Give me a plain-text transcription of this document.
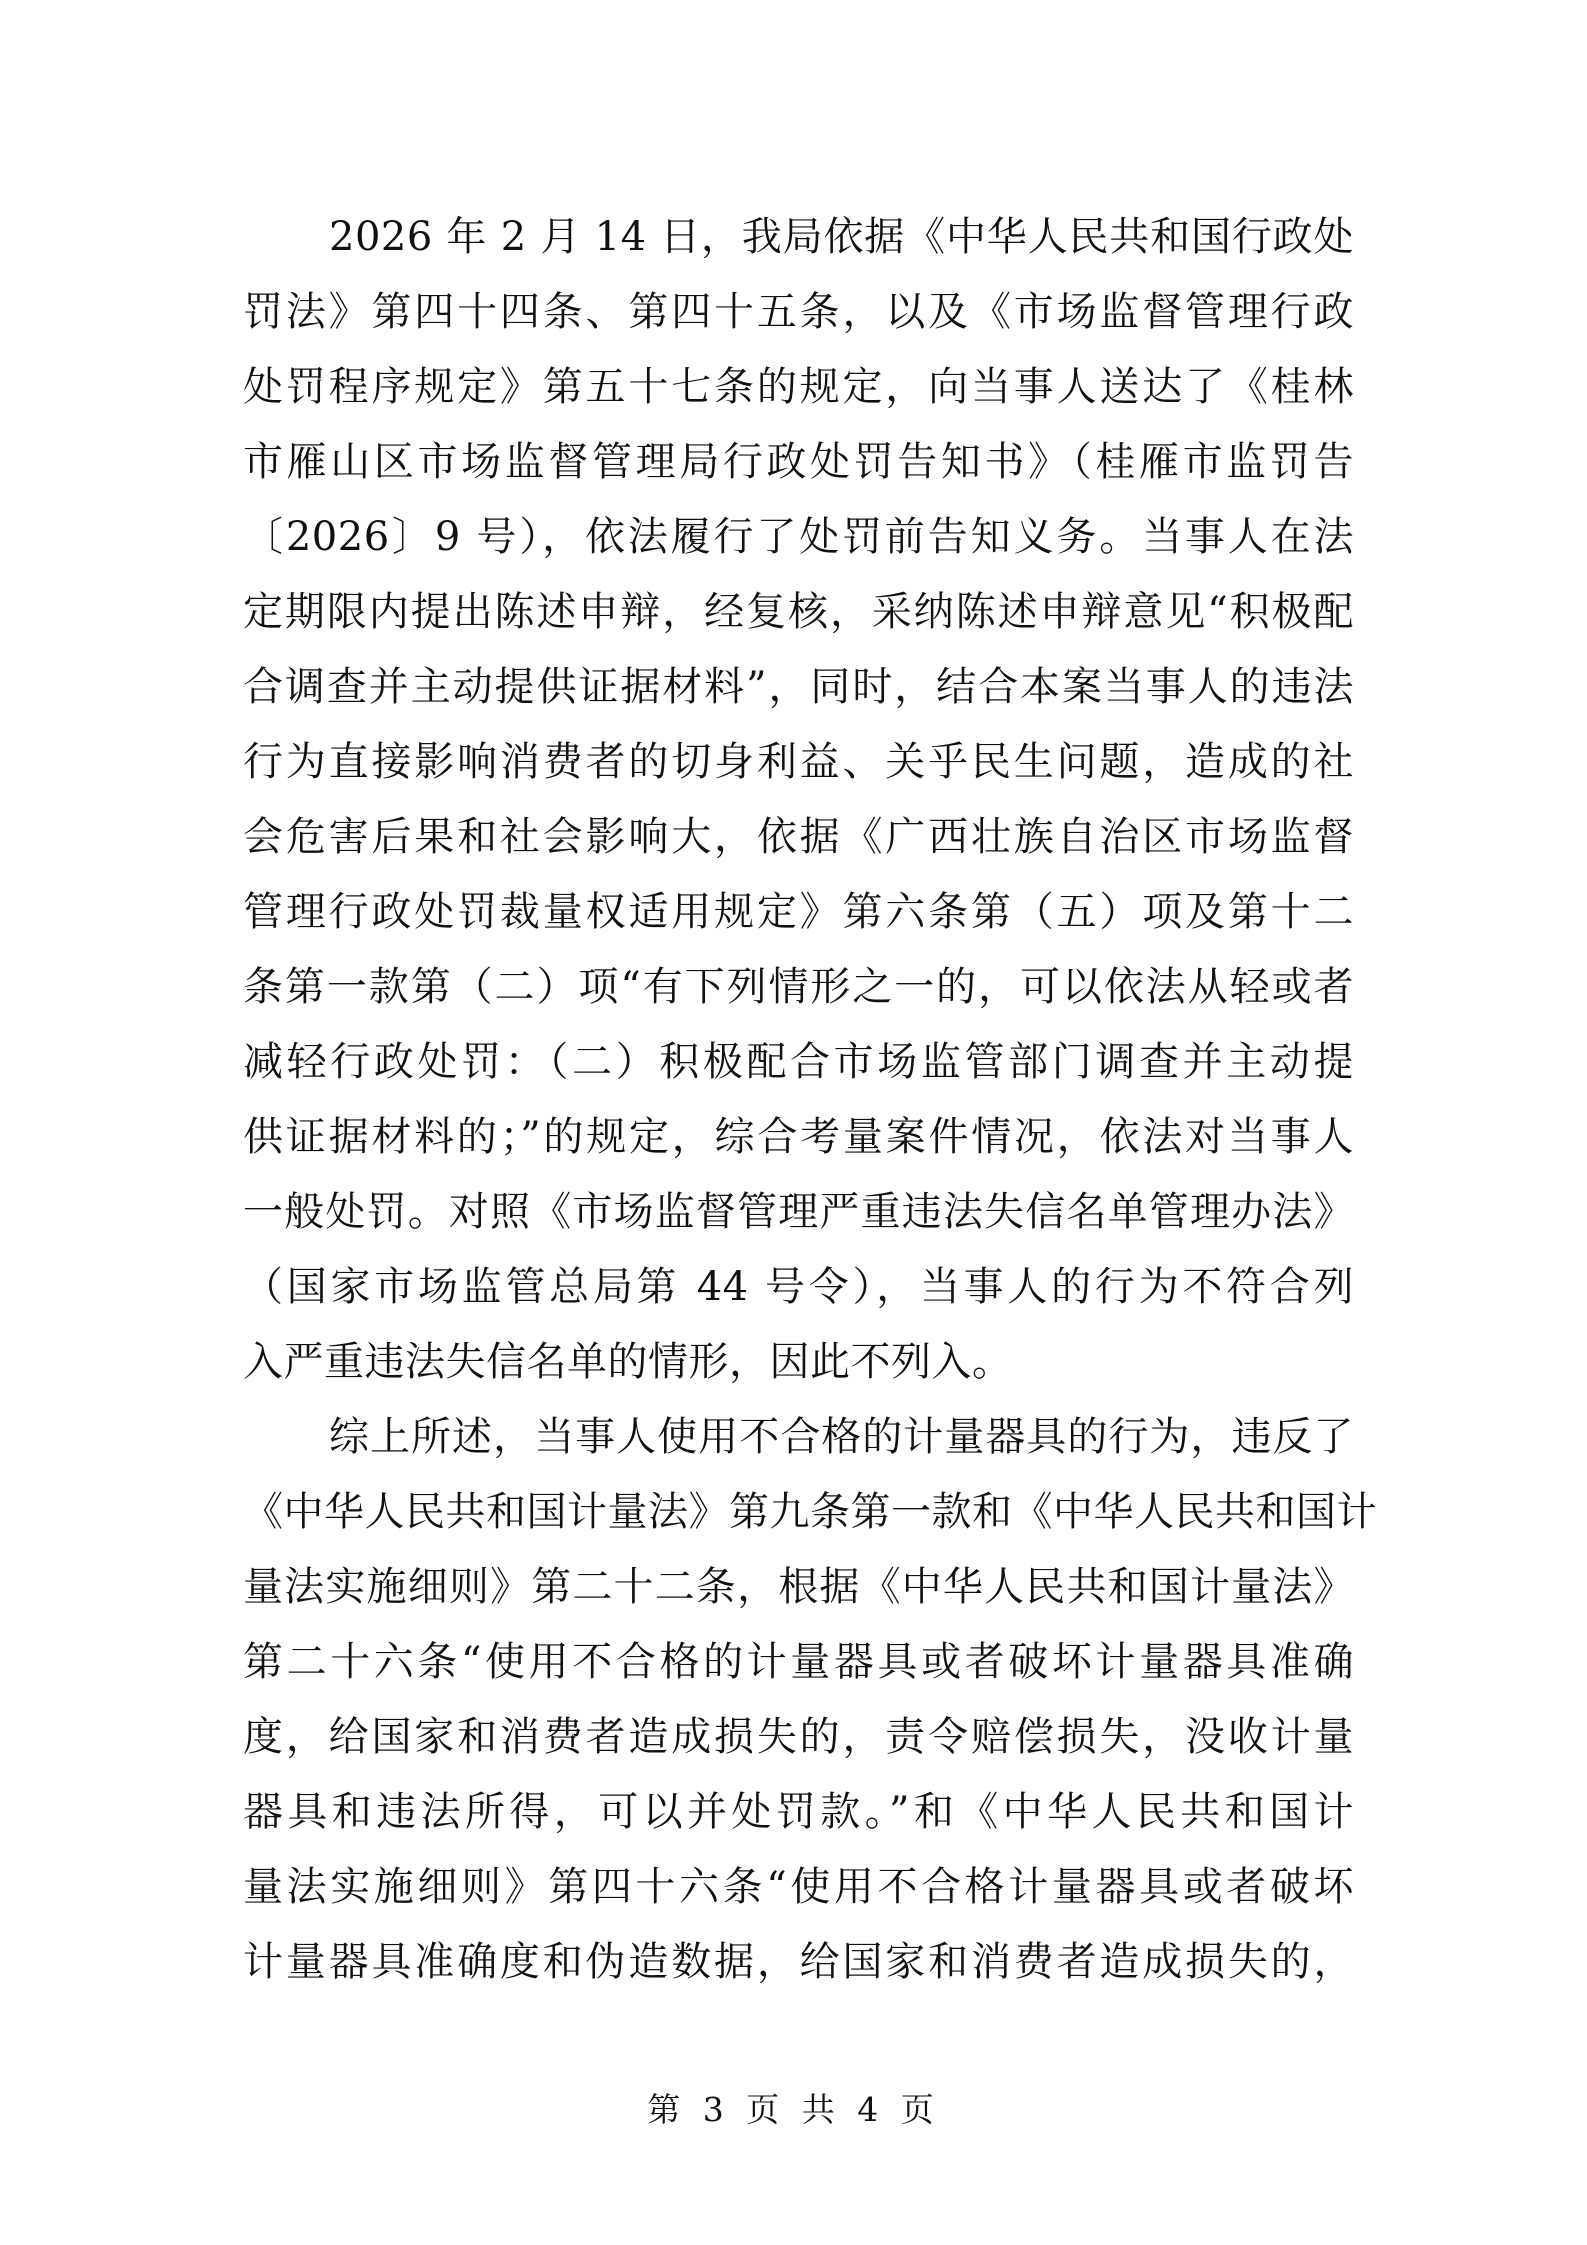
2026 年 2 月 14 日，我局依据《中华人民共和国行政处
罚法》第四十四条、第四十五条，以及《市场监督管理行政
处罚程序规定》第五十七条的规定，向当事人送达了《桂林
市雁山区市场监督管理局行政处罚告知书》（桂雁市监罚告
〔2026〕9 号），依法履行了处罚前告知义务。当事人在法
定期限内提出陈述申辩，经复核，采纳陈述申辩意见“积极配
合调查并主动提供证据材料”，同时，结合本案当事人的违法
行为直接影响消费者的切身利益、关乎民生问题，造成的社
会危害后果和社会影响大，依据《广西壮族自治区市场监督
管理行政处罚裁量权适用规定》第六条第（五）项及第十二
条第一款第（二）项“有下列情形之一的，可以依法从轻或者
减轻行政处罚：（二）积极配合市场监管部门调查并主动提
供证据材料的；”的规定，综合考量案件情况，依法对当事人
一般处罚。对照《市场监督管理严重违法失信名单管理办法》
（国家市场监管总局第 44 号令），当事人的行为不符合列
入严重违法失信名单的情形，因此不列入。
综上所述，当事人使用不合格的计量器具的行为，违反了
《中华人民共和国计量法》第九条第一款和《中华人民共和国计
量法实施细则》第二十二条，根据《中华人民共和国计量法》
第二十六条“使用不合格的计量器具或者破坏计量器具准确
度，给国家和消费者造成损失的，责令赔偿损失，没收计量
器具和违法所得，可以并处罚款。”和《中华人民共和国计
量法实施细则》第四十六条“使用不合格计量器具或者破坏
计量器具准确度和伪造数据，给国家和消费者造成损失的，
第 3 页 共 4 页
